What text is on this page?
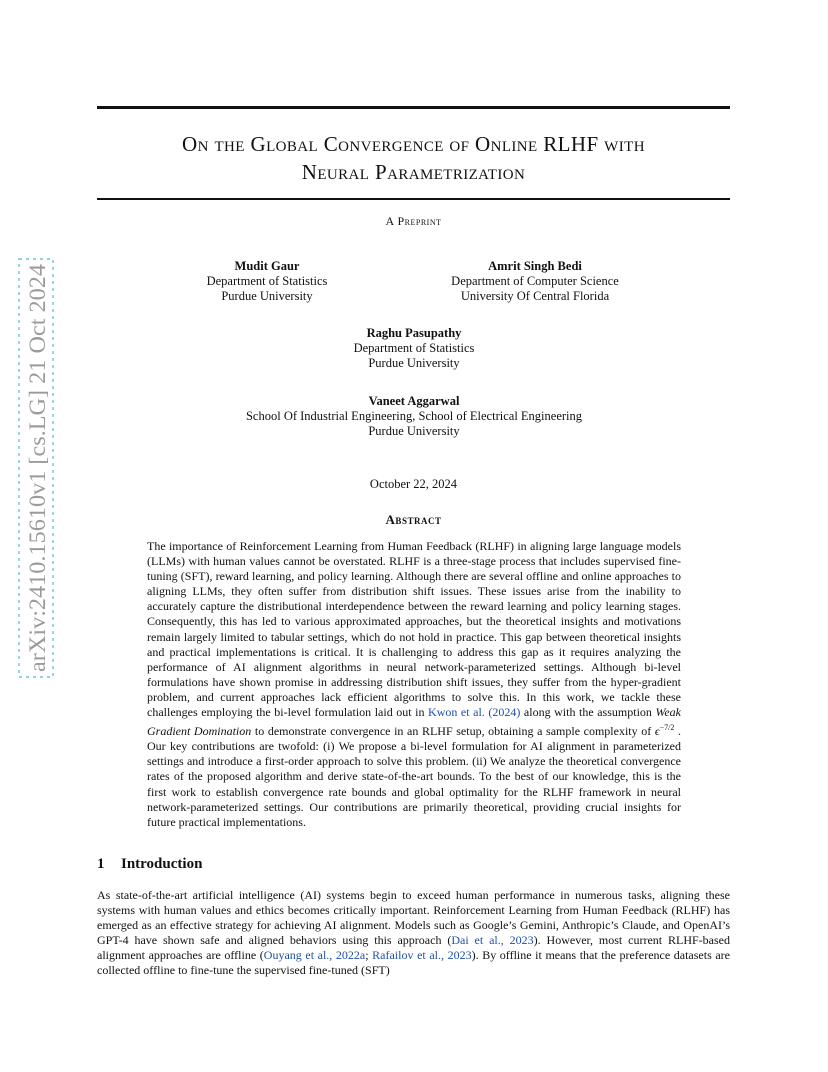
arXiv:2410.15610v1 [cs.LG] 21 Oct 2024
On the Global Convergence of Online RLHF with
Neural Parametrization
A Preprint
Mudit Gaur
Department of Statistics
Purdue University
Amrit Singh Bedi
Department of Computer Science
University Of Central Florida
Raghu Pasupathy
Department of Statistics
Purdue University
Vaneet Aggarwal
School Of Industrial Engineering, School of Electrical Engineering
Purdue University
October 22, 2024
Abstract

The importance of Reinforcement Learning from Human Feedback (RLHF) in aligning large language models (LLMs) with human values cannot be overstated. RLHF is a three-stage process that includes supervised fine-tuning (SFT), reward learning, and policy learning. Although there are several offline and online approaches to aligning LLMs, they often suffer from distribution shift issues. These issues arise from the inability to accurately capture the distributional interdependence between the reward learning and policy learning stages. Consequently, this has led to various approximated approaches, but the theoretical insights and motivations remain largely limited to tabular settings, which do not hold in practice. This gap between theoretical insights and practical implementations is critical. It is challenging to address this gap as it requires analyzing the performance of AI alignment algorithms in neural network-parameterized settings. Although bi-level formulations have shown promise in addressing distribution shift issues, they suffer from the hyper-gradient problem, and current approaches lack efficient algorithms to solve this. In this work, we tackle these challenges employing the bi-level formulation laid out in Kwon et al. (2024) along with the assumption Weak Gradient Domination to demonstrate convergence in an RLHF setup, obtaining a sample complexity of $\epsilon^{-7/2}$ . Our key contributions are twofold: (i) We propose a bi-level formulation for AI alignment in parameterized settings and introduce a first-order approach to solve this problem. (ii) We analyze the theoretical convergence rates of the proposed algorithm and derive state-of-the-art bounds. To the best of our knowledge, this is the first work to establish convergence rate bounds and global optimality for the RLHF framework in neural network-parameterized settings. Our contributions are primarily theoretical, providing crucial insights for future practical implementations.

1 Introduction

As state-of-the-art artificial intelligence (AI) systems begin to exceed human performance in numerous tasks, aligning these systems with human values and ethics becomes critically important. Reinforcement Learning from Human Feedback (RLHF) has emerged as an effective strategy for achieving AI alignment. Models such as Google’s Gemini, Anthropic’s Claude, and OpenAI’s GPT-4 have shown safe and aligned behaviors using this approach (Dai et al., 2023). However, most current RLHF-based alignment approaches are offline (Ouyang et al., 2022a; Rafailov et al., 2023). By offline it means that the preference datasets are collected offline to fine-tune the supervised fine-tuned (SFT)
